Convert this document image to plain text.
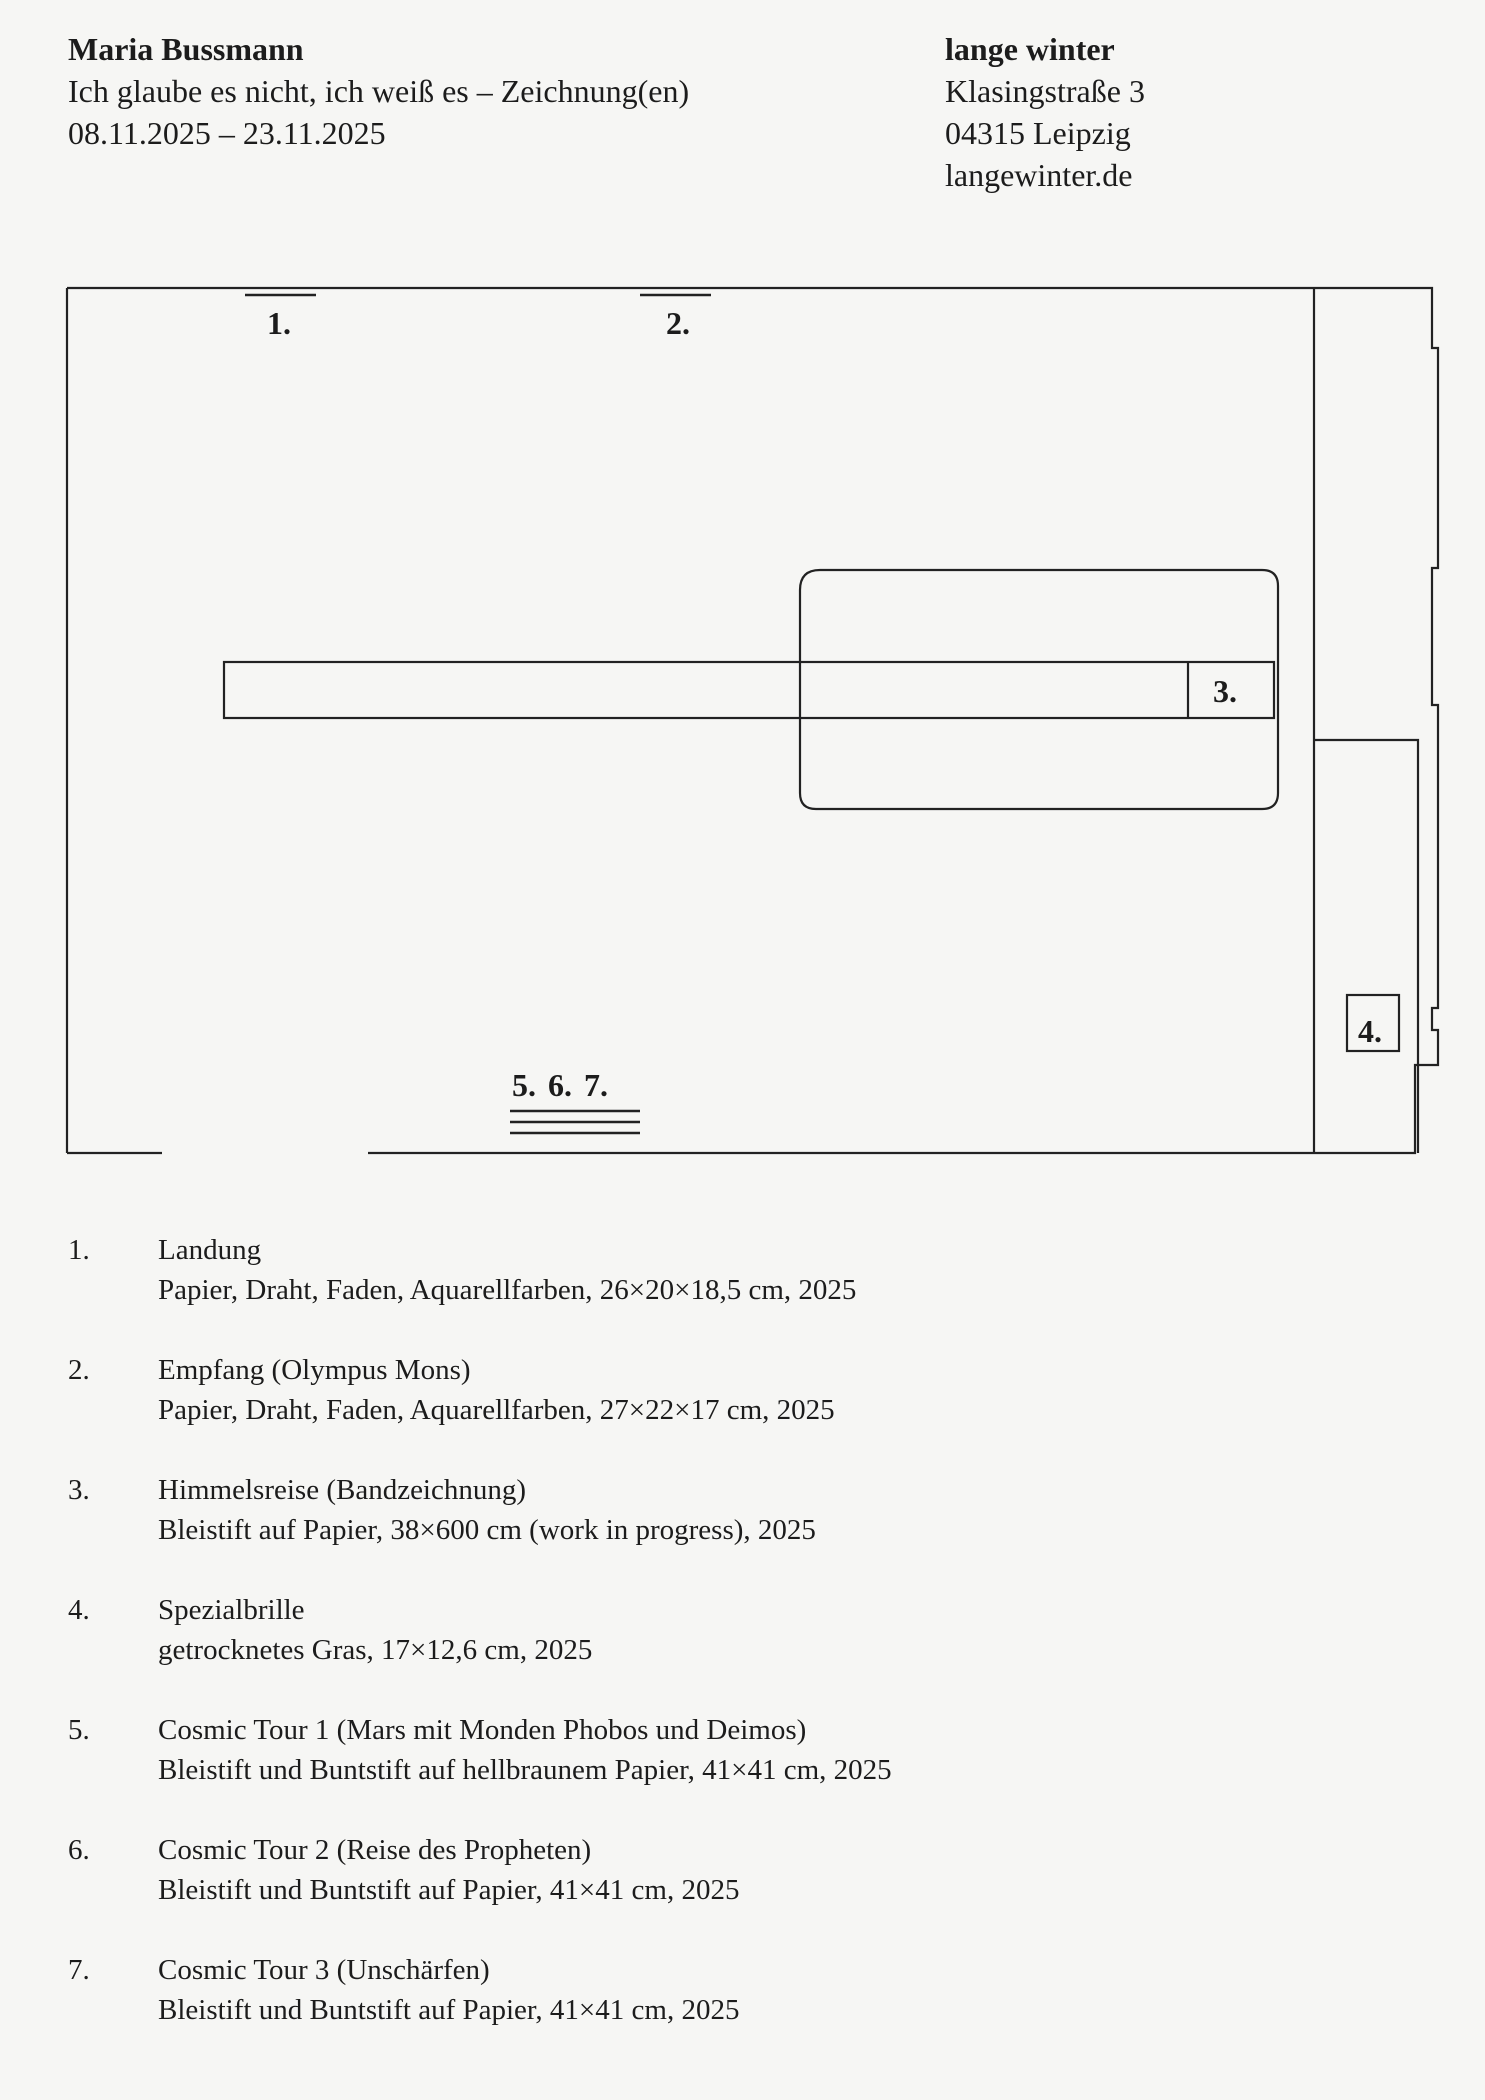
Maria Bussmann
Ich glaube es nicht, ich weiß es – Zeichnung(en)
08.11.2025 – 23.11.2025
lange winter
Klasingstraße 3
04315 Leipzig
langewinter.de
1.	2.
3.
4.
5. 6. 7.
1. Landung
Papier, Draht, Faden, Aquarellfarben, 26×20×18,5 cm, 2025
2. Empfang (Olympus Mons)
Papier, Draht, Faden, Aquarellfarben, 27×22×17 cm, 2025
3. Himmelsreise (Bandzeichnung)
Bleistift auf Papier, 38×600 cm (work in progress), 2025
4. Spezialbrille
getrocknetes Gras, 17×12,6 cm, 2025
5. Cosmic Tour 1 (Mars mit Monden Phobos und Deimos)
Bleistift und Buntstift auf hellbraunem Papier, 41×41 cm, 2025
6. Cosmic Tour 2 (Reise des Propheten)
Bleistift und Buntstift auf Papier, 41×41 cm, 2025
7. Cosmic Tour 3 (Unschärfen)
Bleistift und Buntstift auf Papier, 41×41 cm, 2025
